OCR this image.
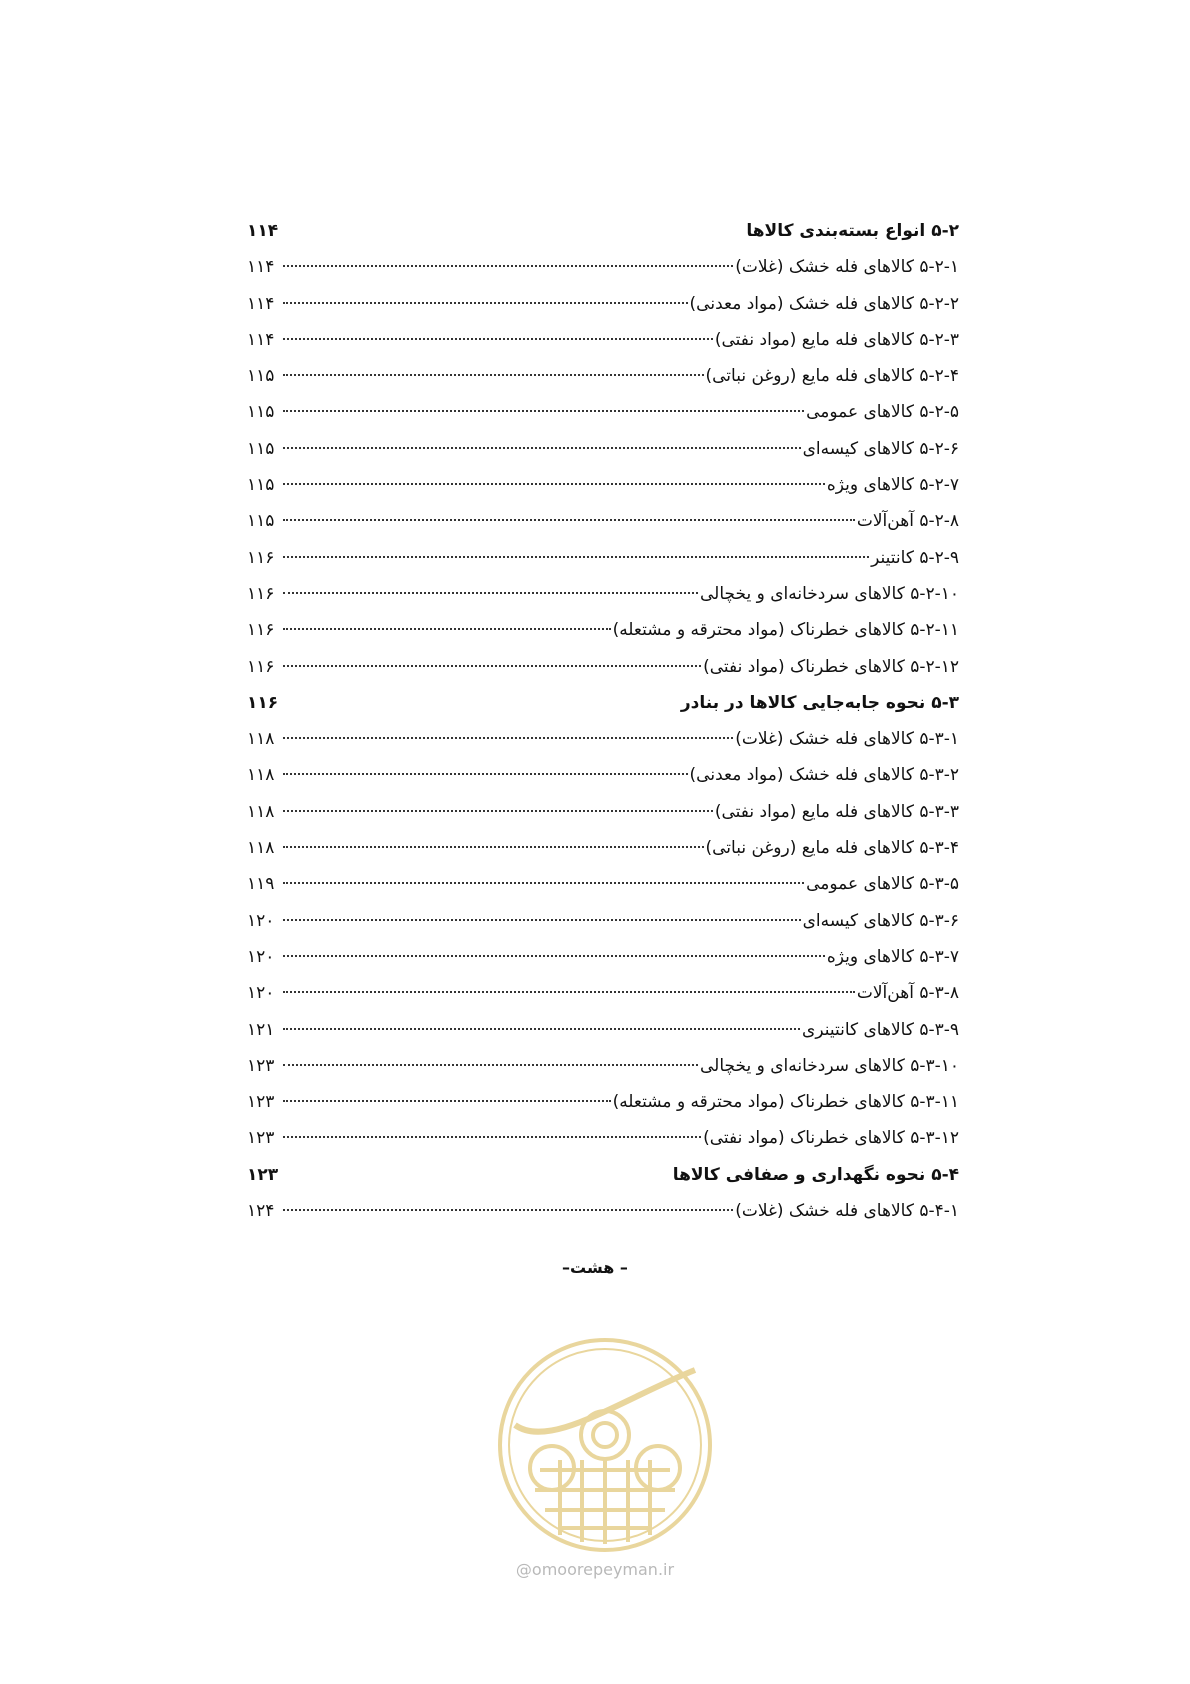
۵-۲ انواع بسته‌بندی کالاها
۱۱۴
۵-۲-۱ کالاهای فله خشک (غلات)
۱۱۴
۵-۲-۲ کالاهای فله خشک (مواد معدنی)
۱۱۴
۵-۲-۳ کالاهای فله مایع (مواد نفتی)
۱۱۴
۵-۲-۴ کالاهای فله مایع (روغن نباتی)
۱۱۵
۵-۲-۵ کالاهای عمومی
۱۱۵
۵-۲-۶ کالاهای کیسه‌ای
۱۱۵
۵-۲-۷ کالاهای ویژه
۱۱۵
۵-۲-۸ آهن‌آلات
۱۱۵
۵-۲-۹ کانتینر
۱۱۶
۵-۲-۱۰ کالاهای سردخانه‌ای و یخچالی
۱۱۶
۵-۲-۱۱ کالاهای خطرناک (مواد محترقه و مشتعله)
۱۱۶
۵-۲-۱۲ کالاهای خطرناک (مواد نفتی)
۱۱۶
۵-۳ نحوه جابه‌جایی کالاها در بنادر
۱۱۶
۵-۳-۱ کالاهای فله خشک (غلات)
۱۱۸
۵-۳-۲ کالاهای فله خشک (مواد معدنی)
۱۱۸
۵-۳-۳ کالاهای فله مایع (مواد نفتی)
۱۱۸
۵-۳-۴ کالاهای فله مایع (روغن نباتی)
۱۱۸
۵-۳-۵ کالاهای عمومی
۱۱۹
۵-۳-۶ کالاهای کیسه‌ای
۱۲۰
۵-۳-۷ کالاهای ویژه
۱۲۰
۵-۳-۸ آهن‌آلات
۱۲۰
۵-۳-۹ کالاهای کانتینری
۱۲۱
۵-۳-۱۰ کالاهای سردخانه‌ای و یخچالی
۱۲۳
۵-۳-۱۱ کالاهای خطرناک (مواد محترقه و مشتعله)
۱۲۳
۵-۳-۱۲ کالاهای خطرناک (مواد نفتی)
۱۲۳
۵-۴ نحوه نگهداری و صفافی کالاها
۱۲۳
۵-۴-۱ کالاهای فله خشک (غلات)
۱۲۴
– هشت–
@omoorepeyman.ir
